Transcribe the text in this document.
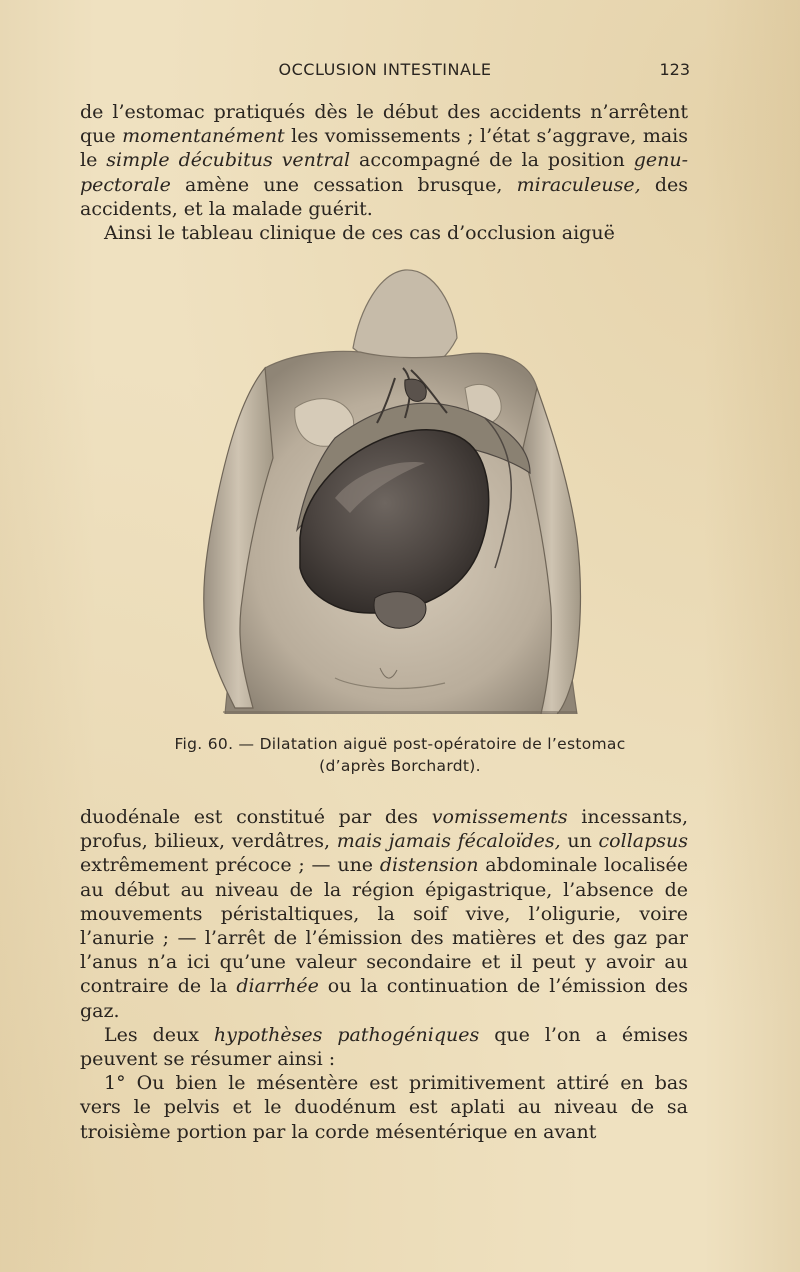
OCCLUSION INTESTINALE	123

de l’estomac pratiqués dès le début des accidents n’arrêtent que momentanément les vomissements ; l’état s’aggrave, mais le simple décubitus ventral accompagné de la position genu-pectorale amène une cessation brusque, miraculeuse, des accidents, et la malade guérit.

Ainsi le tableau clinique de ces cas d’occlusion aiguë

Fig. 60. — Dilatation aiguë post-opératoire de l’estomac
(d’après Borchardt).

duodénale est constitué par des vomissements incessants, profus, bilieux, verdâtres, mais jamais fécaloïdes, un collapsus extrêmement précoce ; — une distension abdominale localisée au début au niveau de la région épigastrique, l’absence de mouvements péristaltiques, la soif vive, l’oligurie, voire l’anurie ; — l’arrêt de l’émission des matières et des gaz par l’anus n’a ici qu’une valeur secondaire et il peut y avoir au contraire de la diarrhée ou la continuation de l’émission des gaz.

Les deux hypothèses pathogéniques que l’on a émises peuvent se résumer ainsi :

1° Ou bien le mésentère est primitivement attiré en bas vers le pelvis et le duodénum est aplati au niveau de sa troisième portion par la corde mésentérique en avant
